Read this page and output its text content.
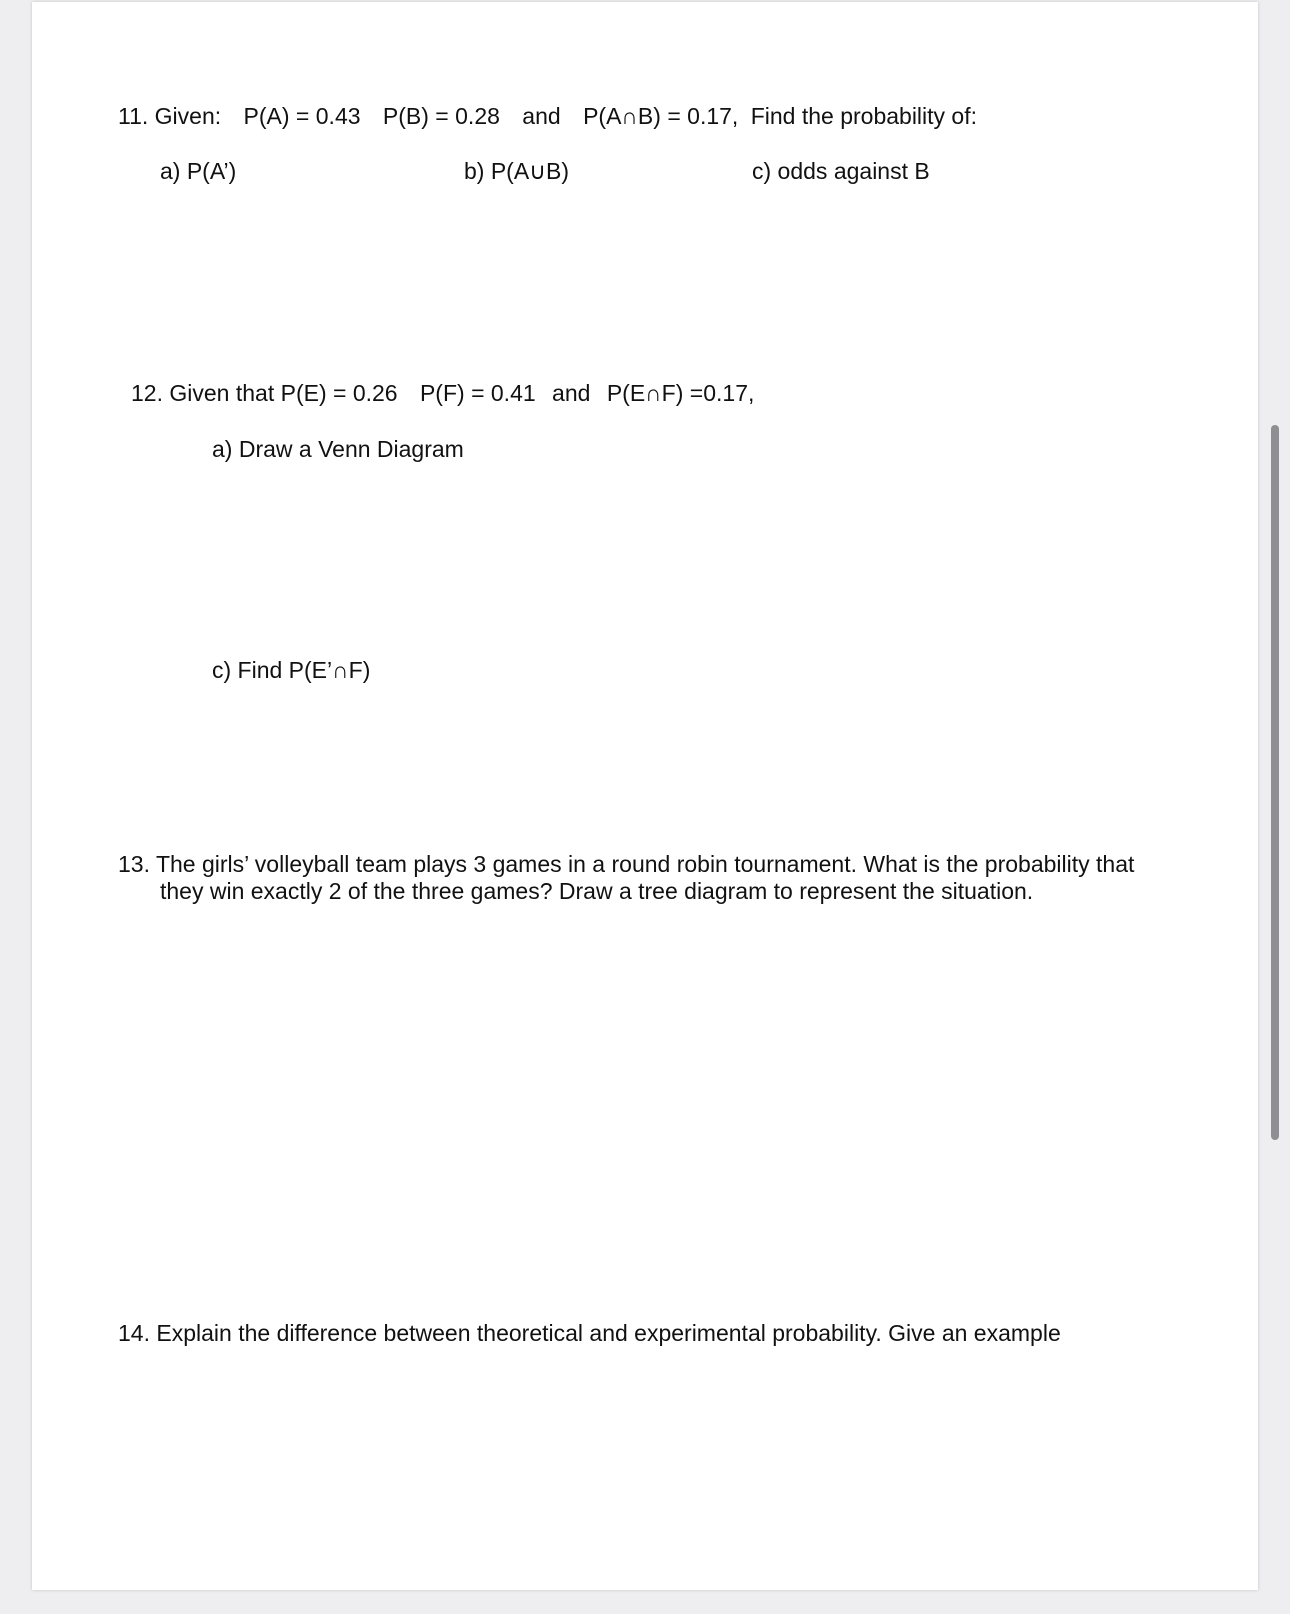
11. Given: P(A) = 0.43 P(B) = 0.28 and P(A∩B) = 0.17, Find the probability of:
a) P(A’)	b) P(A∪B)	c) odds against B
12. Given that P(E) = 0.26 P(F) = 0.41 and P(E∩F) =0.17,
a) Draw a Venn Diagram
c) Find P(E’∩F)
13. The girls’ volleyball team plays 3 games in a round robin tournament. What is the probability that
they win exactly 2 of the three games? Draw a tree diagram to represent the situation.
14. Explain the difference between theoretical and experimental probability. Give an example
